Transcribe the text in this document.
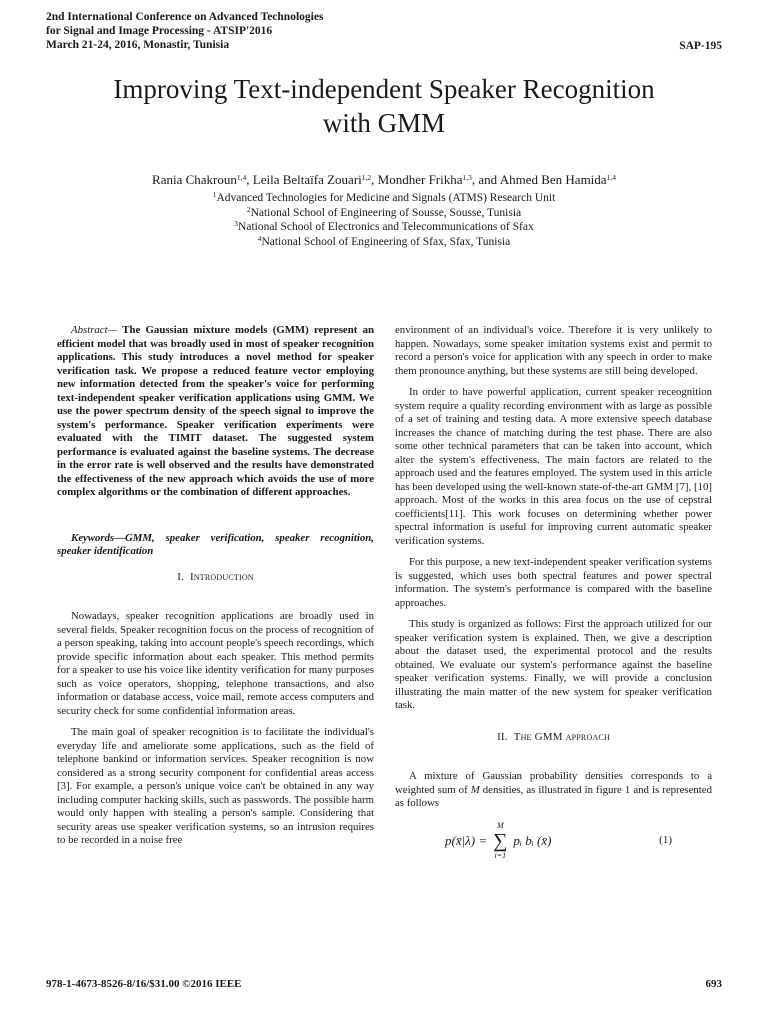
2nd International Conference on Advanced Technologies
for Signal and Image Processing - ATSIP'2016
March 21-24, 2016, Monastir, Tunisia	SAP-195
Improving Text-independent Speaker Recognition
with GMM
Rania Chakroun$^{1,4}$, Leila Beltaïfa Zouari$^{1,2}$, Mondher Frikha$^{1,3}$, and Ahmed Ben Hamida$^{1,4}$
$^1$Advanced Technologies for Medicine and Signals (ATMS) Research Unit
$^2$National School of Engineering of Sousse, Sousse, Tunisia
$^3$National School of Electronics and Telecommunications of Sfax
$^4$National School of Engineering of Sfax, Sfax, Tunisia

Abstract— The Gaussian mixture models (GMM) represent an efficient model that was broadly used in most of speaker recognition applications. This study introduces a novel method for speaker verification task. We propose a reduced feature vector employing new information detected from the speaker's voice for performing text-independent speaker verification applications using GMM. We use the power spectrum density of the speech signal to improve the system's performance. Speaker verification experiments were evaluated with the TIMIT dataset. The suggested system performance is evaluated against the baseline systems. The decrease in the error rate is well observed and the results have demonstrated the effectiveness of the new approach which avoids the use of more complex algorithms or the combination of different approaches.

Keywords—GMM, speaker verification, speaker recognition, speaker identification

I. Introduction

Nowadays, speaker recognition applications are broadly used in several fields. Speaker recognition focus on the process of recognition of a person speaking, taking into account people's speech recordings, which provide specific information about each speaker. This method permits for a speaker to use his voice like identity verification for many purposes such as voice operators, shopping, telephone transactions, and also information or database access, voice mail, remote access computers and security check for some confidential information areas.

The main goal of speaker recognition is to facilitate the individual's everyday life and ameliorate some applications, such as the field of telephone bankind or information services. Speaker recognition is now considered as a strong security component for confidential areas access [3]. For example, a person's unique voice can't be obtained in any way including computer hacking skills, such as passwords. The possible harm would only happen with stealing a person's sample. Considering that security areas use speaker verification systems, so an intrusion requires to be recorded in a noise free

environment of an individual's voice. Therefore it is very unlikely to happen. Nowadays, some speaker imitation systems exist and permit to record a person's voice for application with any speech in order to make them pronounce anything, but these systems are still being developed.

In order to have powerful application, current speaker receognition system require a quality recording environment with as large as possible of a set of training and testing data. A more extensive speech database increases the chance of matching during the test phase. There are also some other technical parameters that can be taken into account, which alter the system's effectiveness. The main factors are related to the approach used and the features employed. The system used in this article has been developed using the well-known state-of-the-art GMM [7], [10] approach. Most of the works in this area focus on the use of cepstral coefficients[11]. This work focuses on determining whether power spectral information is useful for improving current automatic speaker verification systems.

For this purpose, a new text-independent speaker verification systems is suggested, which uses both spectral features and power spectral information. The system's performance is compared with the baseline approaches.

This study is organized as follows: First the approach utilized for our speaker verification system is explained. Then, we give a description about the dataset used, the experimental protocol and the results obtained. We evaluate our system's performance against the baseline speaker verification systems. Finally, we will provide a conclusion illustrating the main matter of the new system for speaker verification task.

II. The GMM approach

A mixture of Gaussian probability densities corresponds to a weighted sum of M densities, as illustrated in figure 1 and is represented as follows

p(x̄|λ) =
M
∑
i=1
pᵢ bᵢ (x̄)	(1)
978-1-4673-8526-8/16/$31.00 ©2016 IEEE	693
